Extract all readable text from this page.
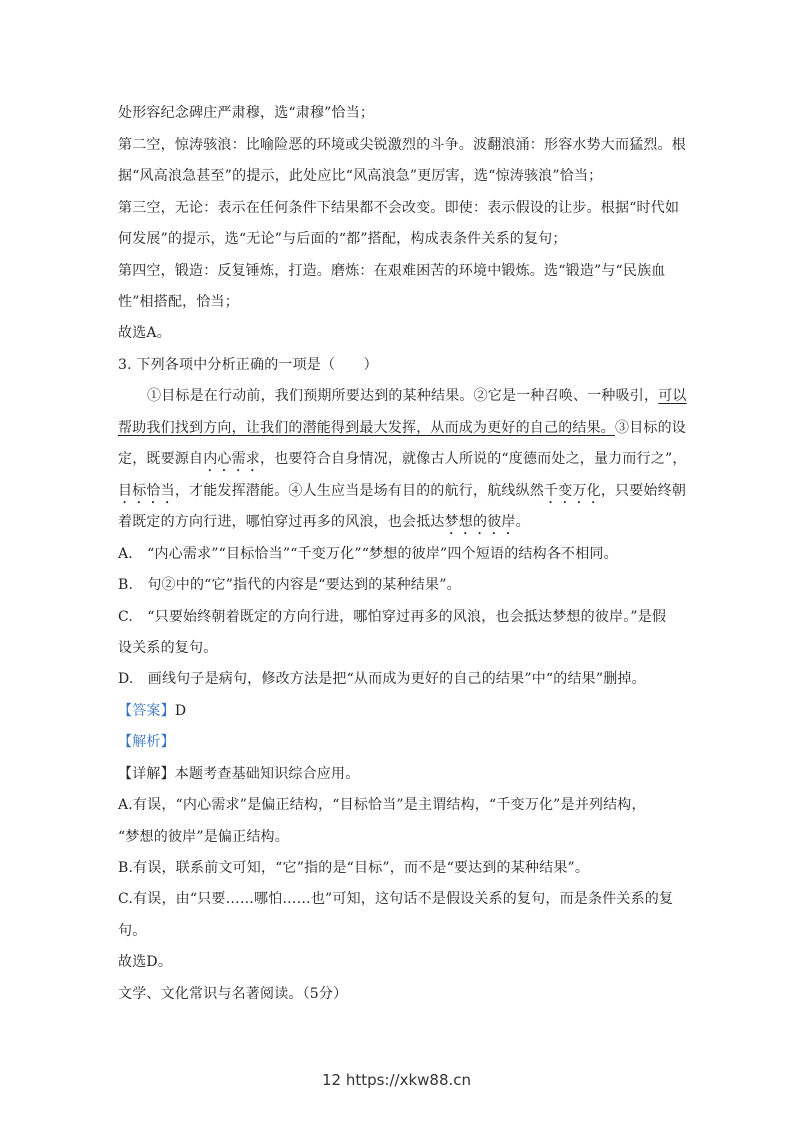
处形容纪念碑庄严肃穆，选“肃穆”恰当；
第二空，惊涛骇浪：比喻险恶的环境或尖锐激烈的斗争。波翻浪涌：形容水势大而猛烈。根
据“风高浪急甚至”的提示，此处应比“风高浪急”更厉害，选“惊涛骇浪”恰当；
第三空，无论：表示在任何条件下结果都不会改变。即使：表示假设的让步。根据“时代如
何发展”的提示，选“无论”与后面的“都”搭配，构成表条件关系的复句；
第四空，锻造：反复锤炼，打造。磨炼：在艰难困苦的环境中锻炼。选“锻造”与“民族血
性”相搭配，恰当；
故选A。
3. 下列各项中分析正确的一项是（　　）
①目标是在行动前，我们预期所要达到的某种结果。②它是一种召唤、一种吸引，可以
帮助我们找到方向，让我们的潜能得到最大发挥，从而成为更好的自己的结果。③目标的设
定，既要源自内心需求，也要符合自身情况，就像古人所说的“度德而处之，量力而行之”，
目标恰当，才能发挥潜能。④人生应当是场有目的的航行，航线纵然千变万化，只要始终朝
着既定的方向行进，哪怕穿过再多的风浪，也会抵达梦想的彼岸。
A.　“内心需求”“目标恰当”“千变万化”“梦想的彼岸”四个短语的结构各不相同。
B.　句②中的“它”指代的内容是“要达到的某种结果”。
C.　“只要始终朝着既定的方向行进，哪怕穿过再多的风浪，也会抵达梦想的彼岸。”是假
设关系的复句。
D.　画线句子是病句，修改方法是把“从而成为更好的自己的结果”中“的结果”删掉。
【答案】D
【解析】
【详解】本题考查基础知识综合应用。
A.有误，“内心需求”是偏正结构，“目标恰当”是主谓结构，“千变万化”是并列结构，
“梦想的彼岸”是偏正结构。
B.有误，联系前文可知，“它”指的是“目标”，而不是“要达到的某种结果”。
C.有误，由“只要……哪怕……也”可知，这句话不是假设关系的复句，而是条件关系的复
句。
故选D。
文学、文化常识与名著阅读。（5分）
12 https://xkw88.cn
